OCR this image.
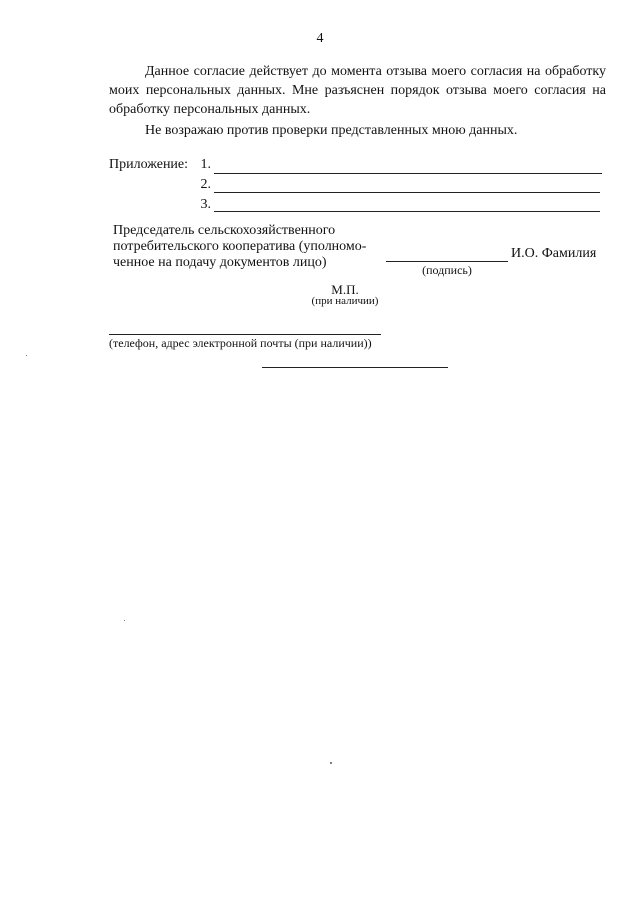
4
Данное согласие действует до момента отзыва моего согласия на обработку моих персональных данных. Мне разъяснен порядок отзыва моего согласия на обработку персональных данных.
Не возражаю против проверки представленных мною данных.
Приложение: 1.
2.
3.
Председатель сельскохозяйственного потребительского кооператива (уполномо-ченное на подачу документов лицо)	(подпись)
И.О. Фамилия
М.П.
(при наличии)
(телефон, адрес электронной почты (при наличии))
